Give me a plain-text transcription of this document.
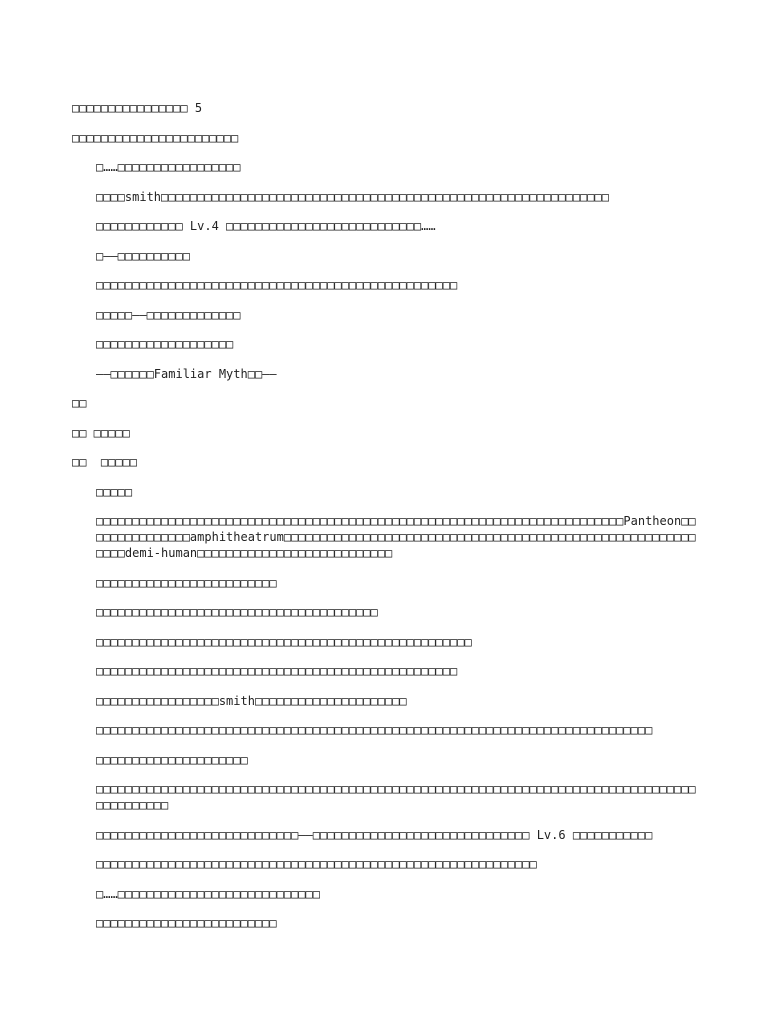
□□□□□□□□□□□□□□□□ 5

□□□□□□□□□□□□□□□□□□□□□□□

□……□□□□□□□□□□□□□□□□□

□□□□smith□□□□□□□□□□□□□□□□□□□□□□□□□□□□□□□□□□□□□□□□□□□□□□□□□□□□□□□□□□□□□□

□□□□□□□□□□□□ Lv.4 □□□□□□□□□□□□□□□□□□□□□□□□□□□……

□——□□□□□□□□□□

□□□□□□□□□□□□□□□□□□□□□□□□□□□□□□□□□□□□□□□□□□□□□□□□□□

□□□□□——□□□□□□□□□□□□□

□□□□□□□□□□□□□□□□□□□

——□□□□□□Familiar Myth□□——

□□

□□ □□□□□

□□  □□□□□

□□□□□

□□□□□□□□□□□□□□□□□□□□□□□□□□□□□□□□□□□□□□□□□□□□□□□□□□□□□□□□□□□□□□□□□□□□□□□□□Pantheon□□□□□□□□□□□□□□□amphitheatrum□□□□□□□□□□□□□□□□□□□□□□□□□□□□□□□□□□□□□□□□□□□□□□□□□□□□□□□□□□□□□demi-human□□□□□□□□□□□□□□□□□□□□□□□□□□□

□□□□□□□□□□□□□□□□□□□□□□□□□

□□□□□□□□□□□□□□□□□□□□□□□□□□□□□□□□□□□□□□□

□□□□□□□□□□□□□□□□□□□□□□□□□□□□□□□□□□□□□□□□□□□□□□□□□□□□

□□□□□□□□□□□□□□□□□□□□□□□□□□□□□□□□□□□□□□□□□□□□□□□□□□

□□□□□□□□□□□□□□□□□smith□□□□□□□□□□□□□□□□□□□□□

□□□□□□□□□□□□□□□□□□□□□□□□□□□□□□□□□□□□□□□□□□□□□□□□□□□□□□□□□□□□□□□□□□□□□□□□□□□□□

□□□□□□□□□□□□□□□□□□□□□

□□□□□□□□□□□□□□□□□□□□□□□□□□□□□□□□□□□□□□□□□□□□□□□□□□□□□□□□□□□□□□□□□□□□□□□□□□□□□□□□□□□□□□□□□□□□□

□□□□□□□□□□□□□□□□□□□□□□□□□□□□——□□□□□□□□□□□□□□□□□□□□□□□□□□□□□□ Lv.6 □□□□□□□□□□□

□□□□□□□□□□□□□□□□□□□□□□□□□□□□□□□□□□□□□□□□□□□□□□□□□□□□□□□□□□□□□

□……□□□□□□□□□□□□□□□□□□□□□□□□□□□□

□□□□□□□□□□□□□□□□□□□□□□□□□
